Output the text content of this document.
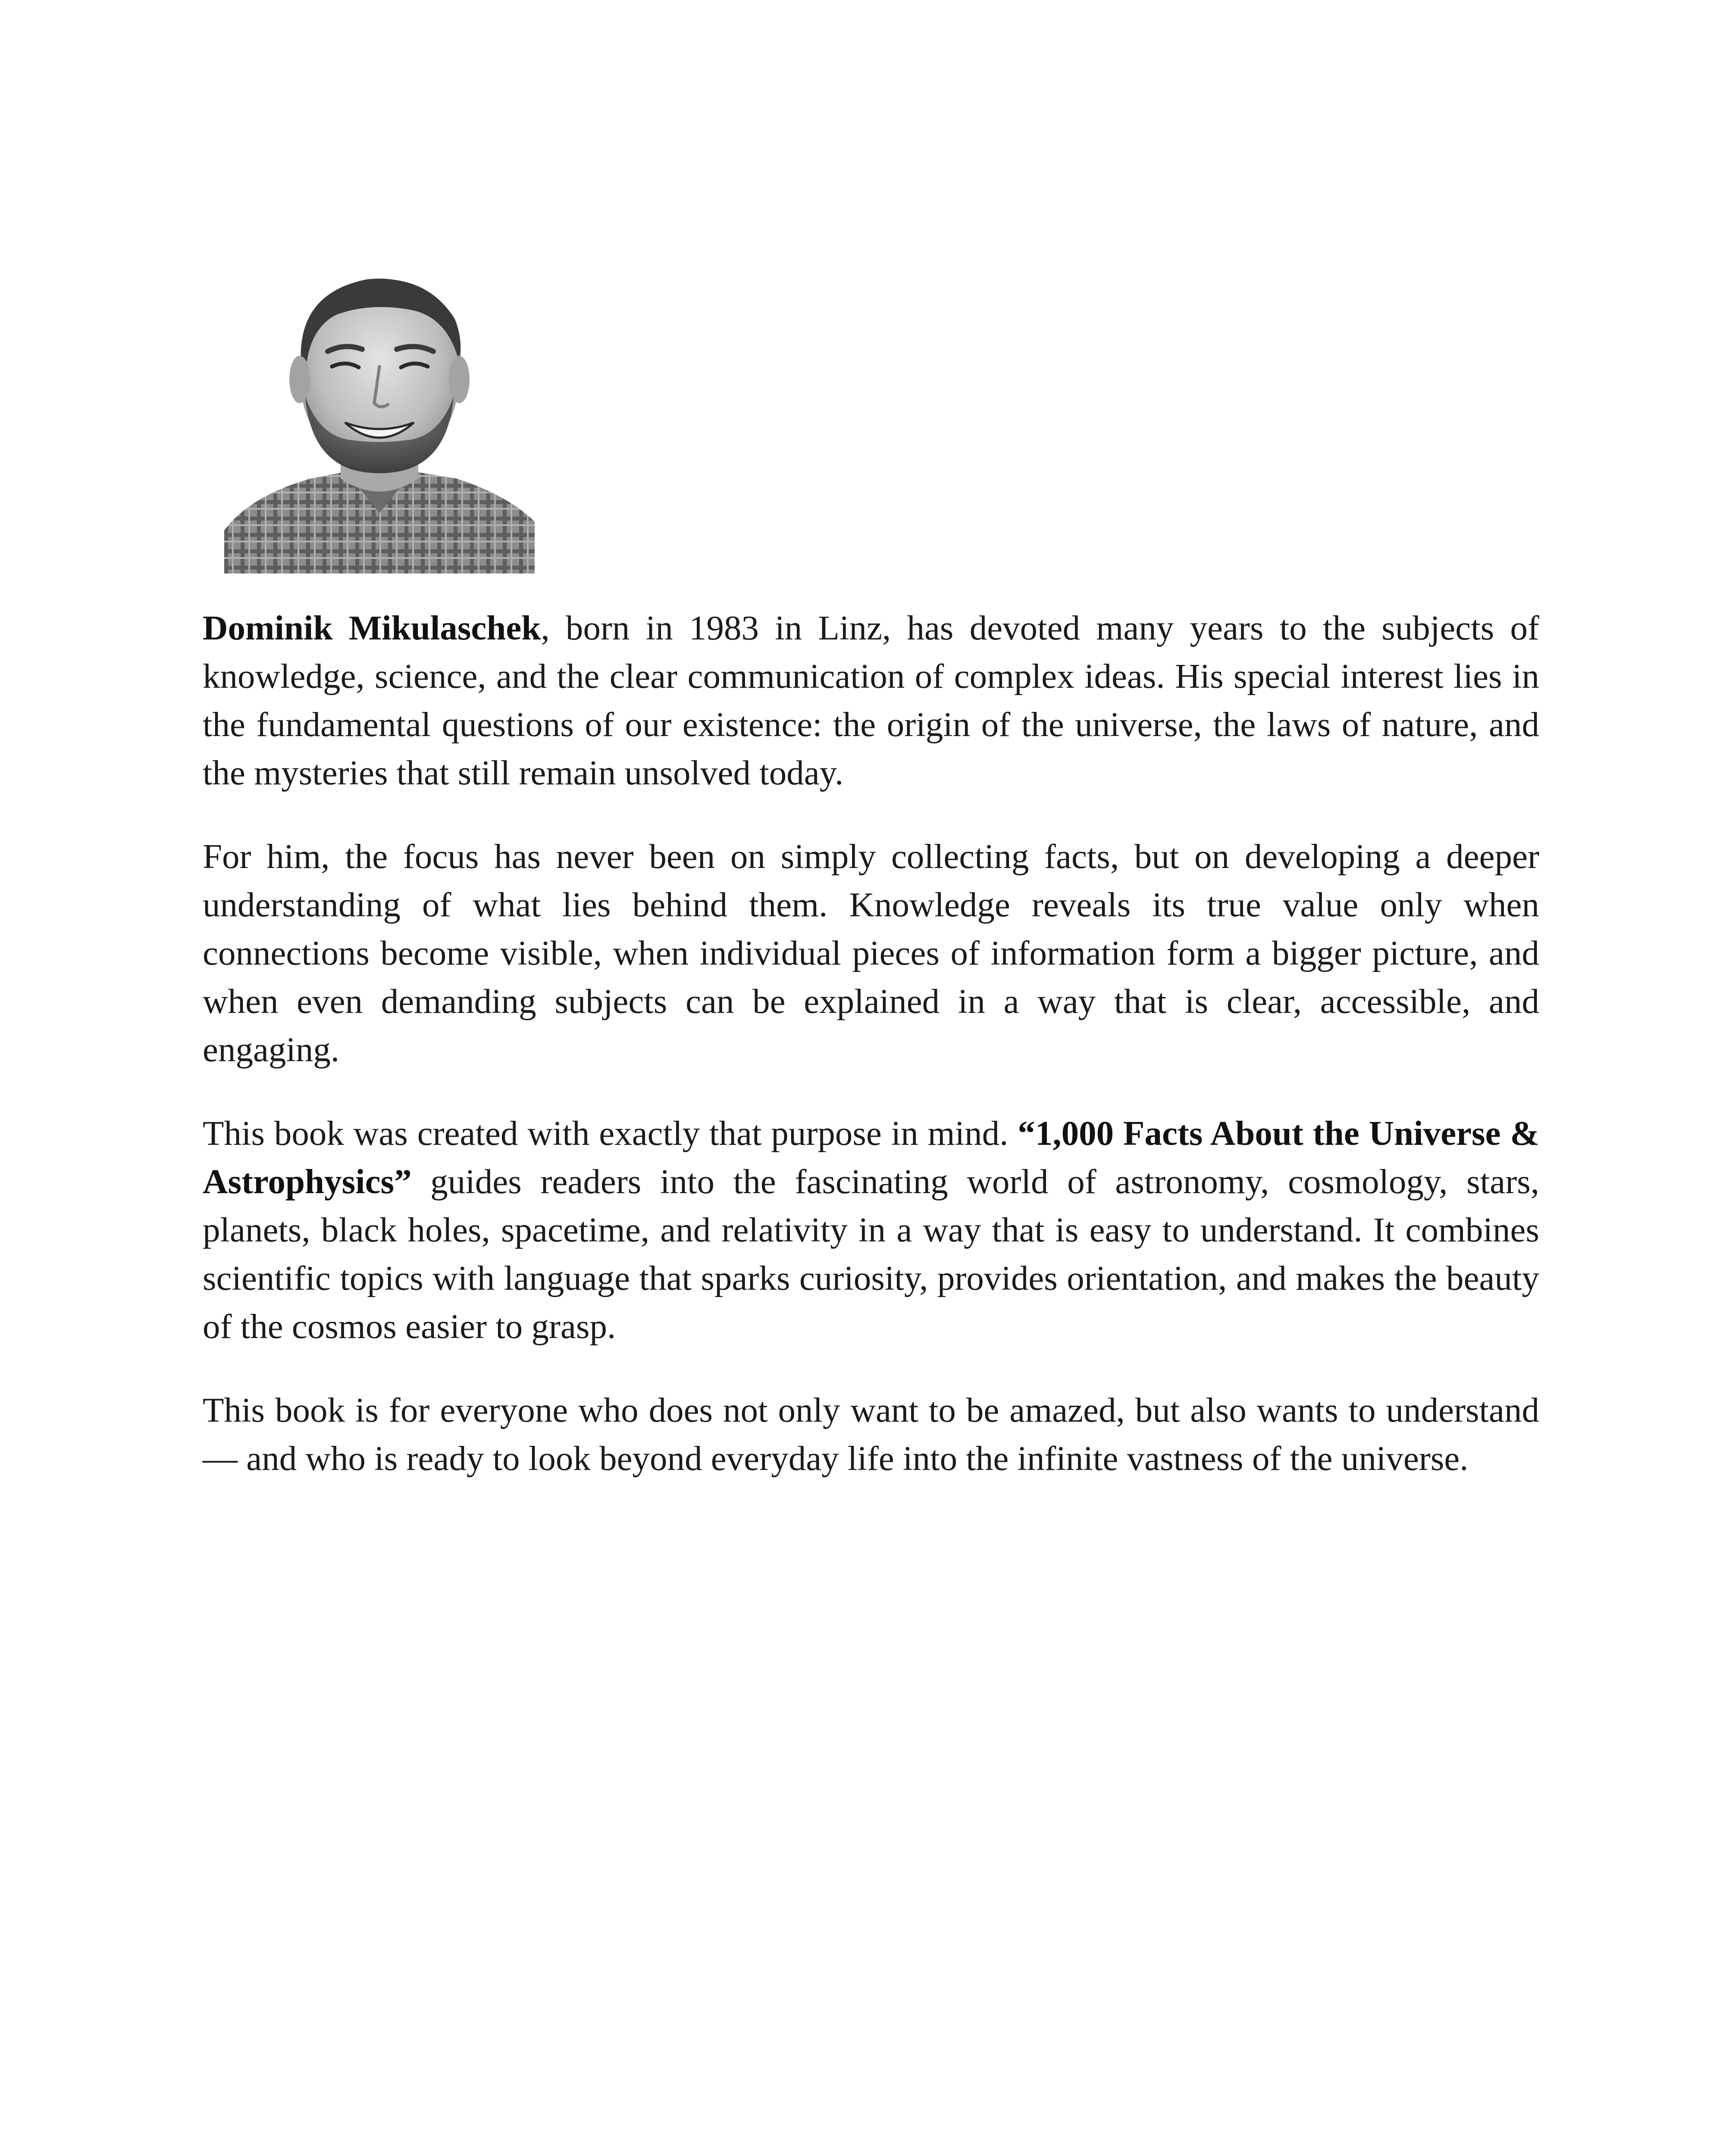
Dominik Mikulaschek, born in 1983 in Linz, has devoted many years to the subjects of knowledge, science, and the clear communication of complex ideas. His special interest lies in the fundamental questions of our existence: the origin of the universe, the laws of nature, and the mysteries that still remain unsolved today.

For him, the focus has never been on simply collecting facts, but on developing a deeper understanding of what lies behind them. Knowledge reveals its true value only when connections become visible, when individual pieces of information form a bigger picture, and when even demanding subjects can be explained in a way that is clear, accessible, and engaging.

This book was created with exactly that purpose in mind. “1,000 Facts About the Universe & Astrophysics” guides readers into the fascinating world of astronomy, cosmology, stars, planets, black holes, spacetime, and relativity in a way that is easy to understand. It combines scientific topics with language that sparks curiosity, provides orientation, and makes the beauty of the cosmos easier to grasp.

This book is for everyone who does not only want to be amazed, but also wants to understand — and who is ready to look beyond everyday life into the infinite vastness of the universe.
